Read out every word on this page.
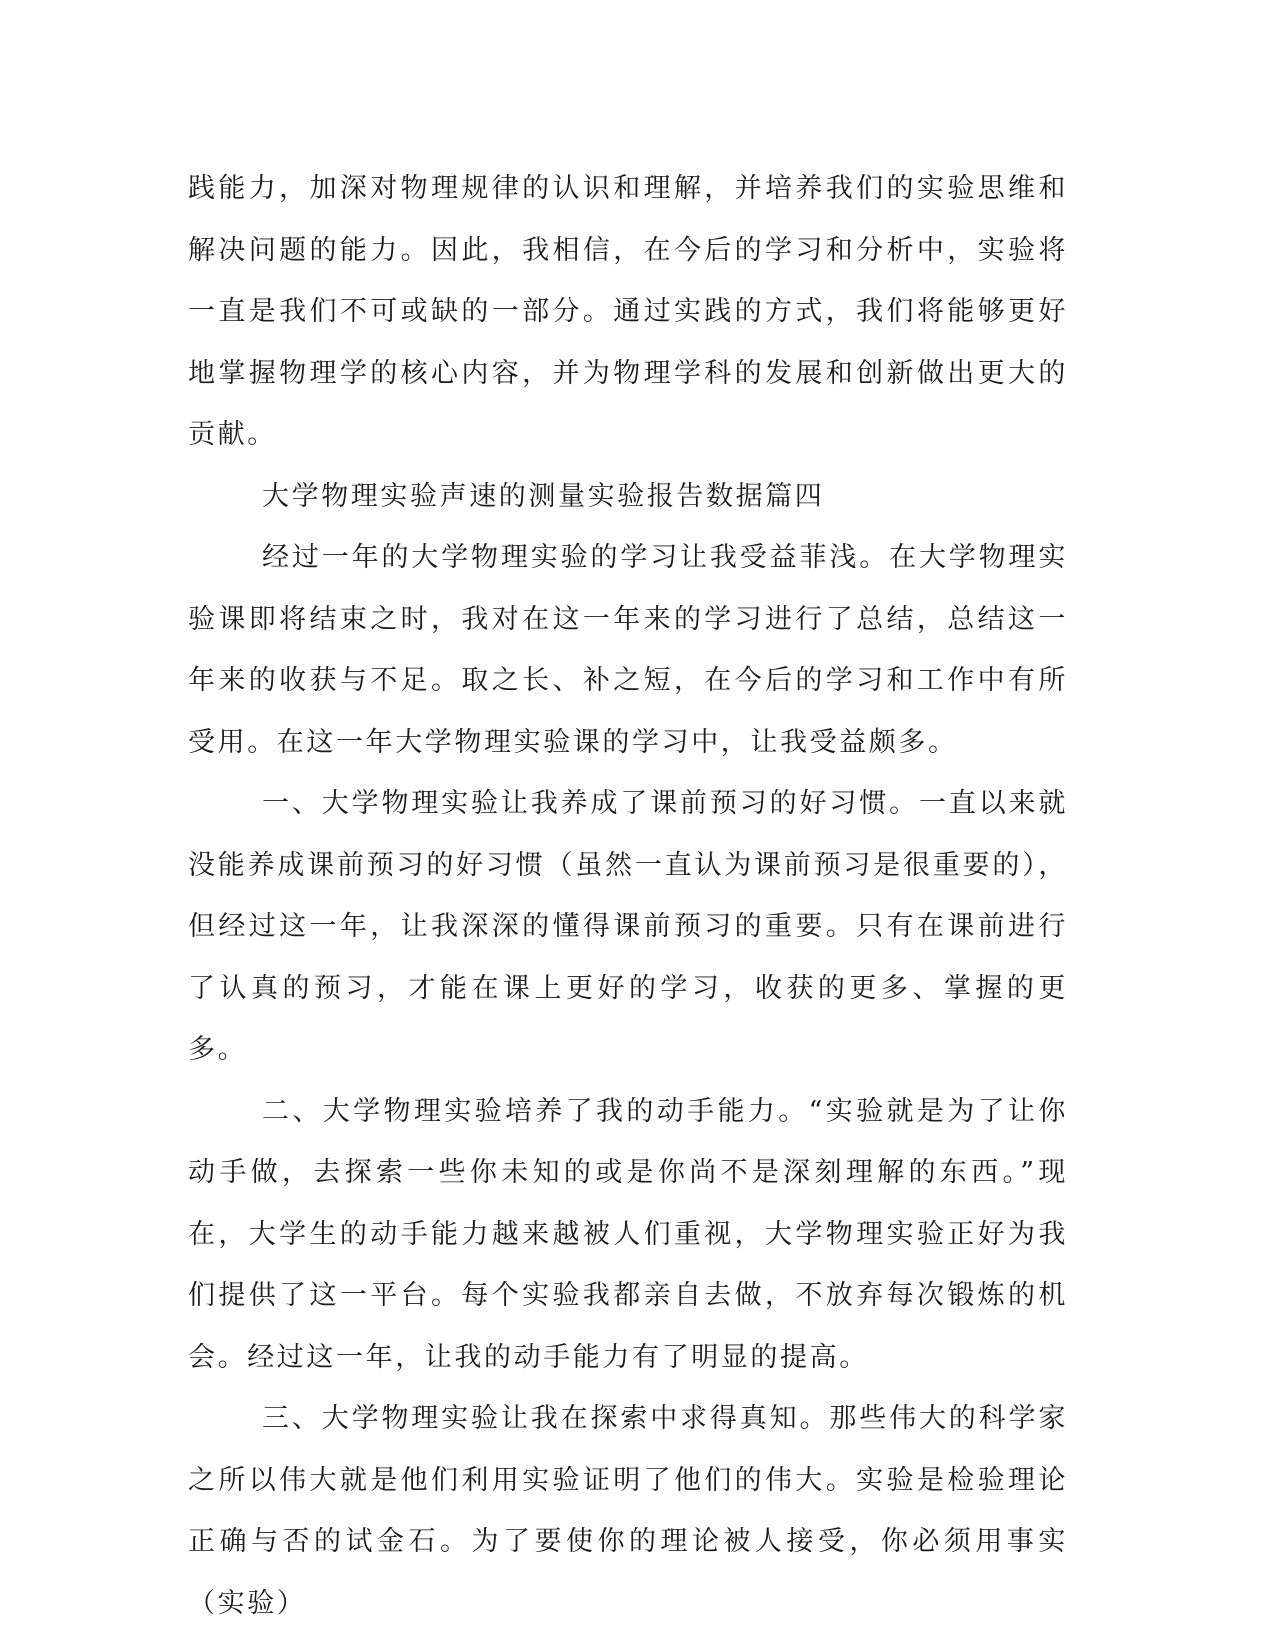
践能力，加深对物理规律的认识和理解，并培养我们的实验思维和解决问题的能力。因此，我相信，在今后的学习和分析中，实验将一直是我们不可或缺的一部分。通过实践的方式，我们将能够更好地掌握物理学的核心内容，并为物理学科的发展和创新做出更大的贡献。

大学物理实验声速的测量实验报告数据篇四

经过一年的大学物理实验的学习让我受益菲浅。在大学物理实验课即将结束之时，我对在这一年来的学习进行了总结，总结这一年来的收获与不足。取之长、补之短，在今后的学习和工作中有所受用。在这一年大学物理实验课的学习中，让我受益颇多。

一、大学物理实验让我养成了课前预习的好习惯。一直以来就没能养成课前预习的好习惯（虽然一直认为课前预习是很重要的），但经过这一年，让我深深的懂得课前预习的重要。只有在课前进行了认真的预习，才能在课上更好的学习，收获的更多、掌握的更多。

二、大学物理实验培养了我的动手能力。“实验就是为了让你动手做，去探索一些你未知的或是你尚不是深刻理解的东西。”现在，大学生的动手能力越来越被人们重视，大学物理实验正好为我们提供了这一平台。每个实验我都亲自去做，不放弃每次锻炼的机会。经过这一年，让我的动手能力有了明显的提高。

三、大学物理实验让我在探索中求得真知。那些伟大的科学家之所以伟大就是他们利用实验证明了他们的伟大。实验是检验理论正确与否的试金石。为了要使你的理论被人接受，你必须用事实（实验）
